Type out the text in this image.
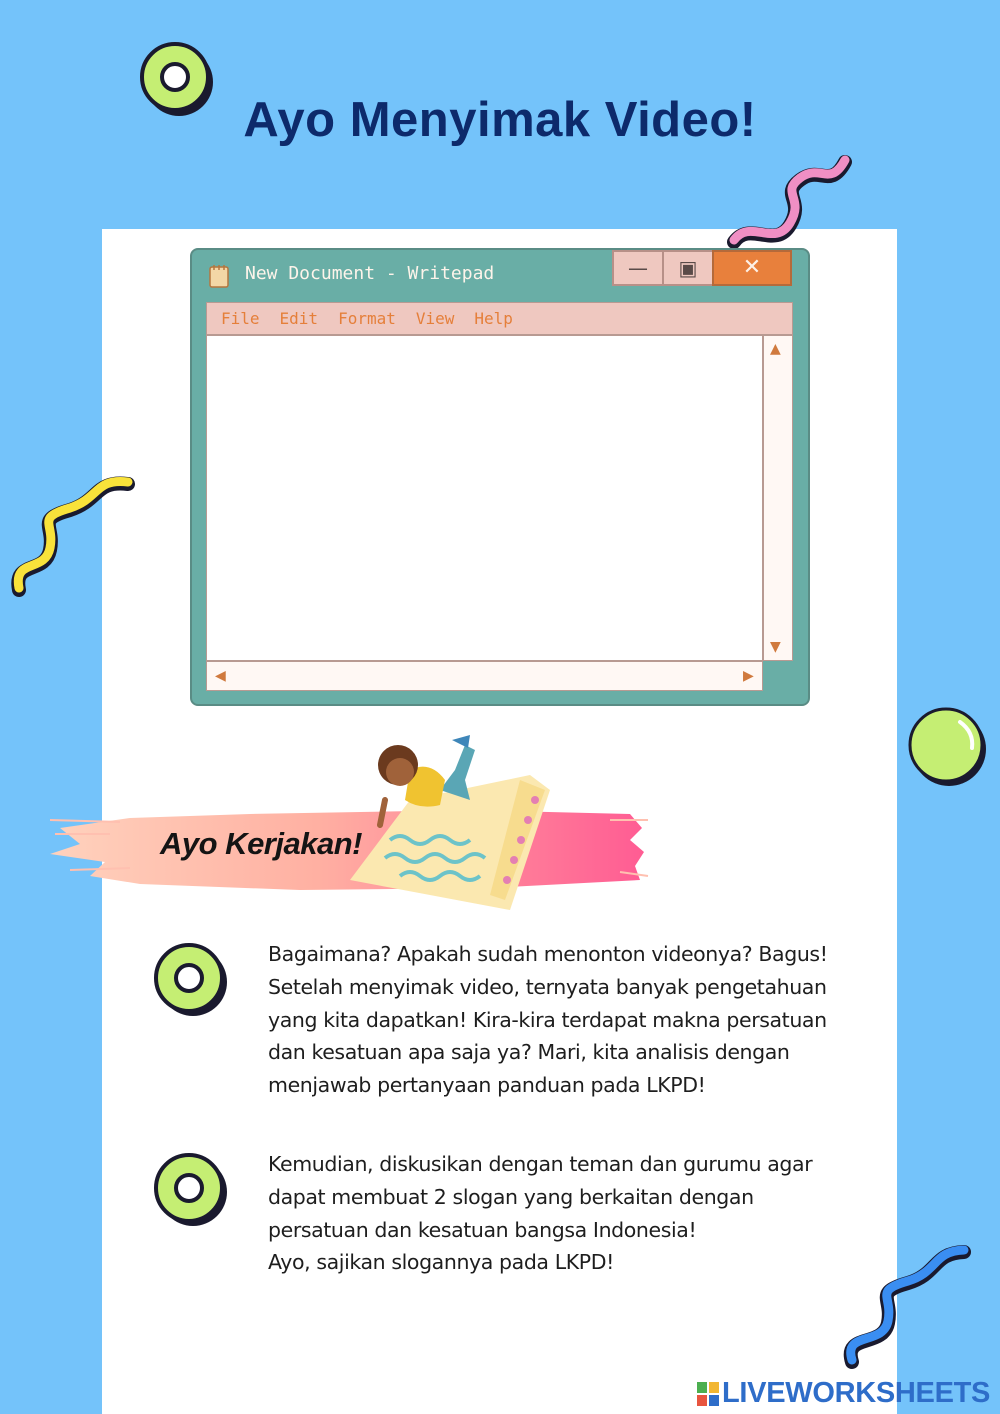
Ayo Menyimak Video!
New Document - Writepad	—	▣	✕
File Edit Format View Help
▲
▼
◀	▶
Ayo Kerjakan!
Bagaimana? Apakah sudah menonton videonya? Bagus!
Setelah menyimak video, ternyata banyak pengetahuan
yang kita dapatkan! Kira-kira terdapat makna persatuan
dan kesatuan apa saja ya? Mari, kita analisis dengan
menjawab pertanyaan panduan pada LKPD!
Kemudian, diskusikan dengan teman dan gurumu agar
dapat membuat 2 slogan yang berkaitan dengan
persatuan dan kesatuan bangsa Indonesia!
Ayo, sajikan slogannya pada LKPD!
LIVEWORKSHEETS
